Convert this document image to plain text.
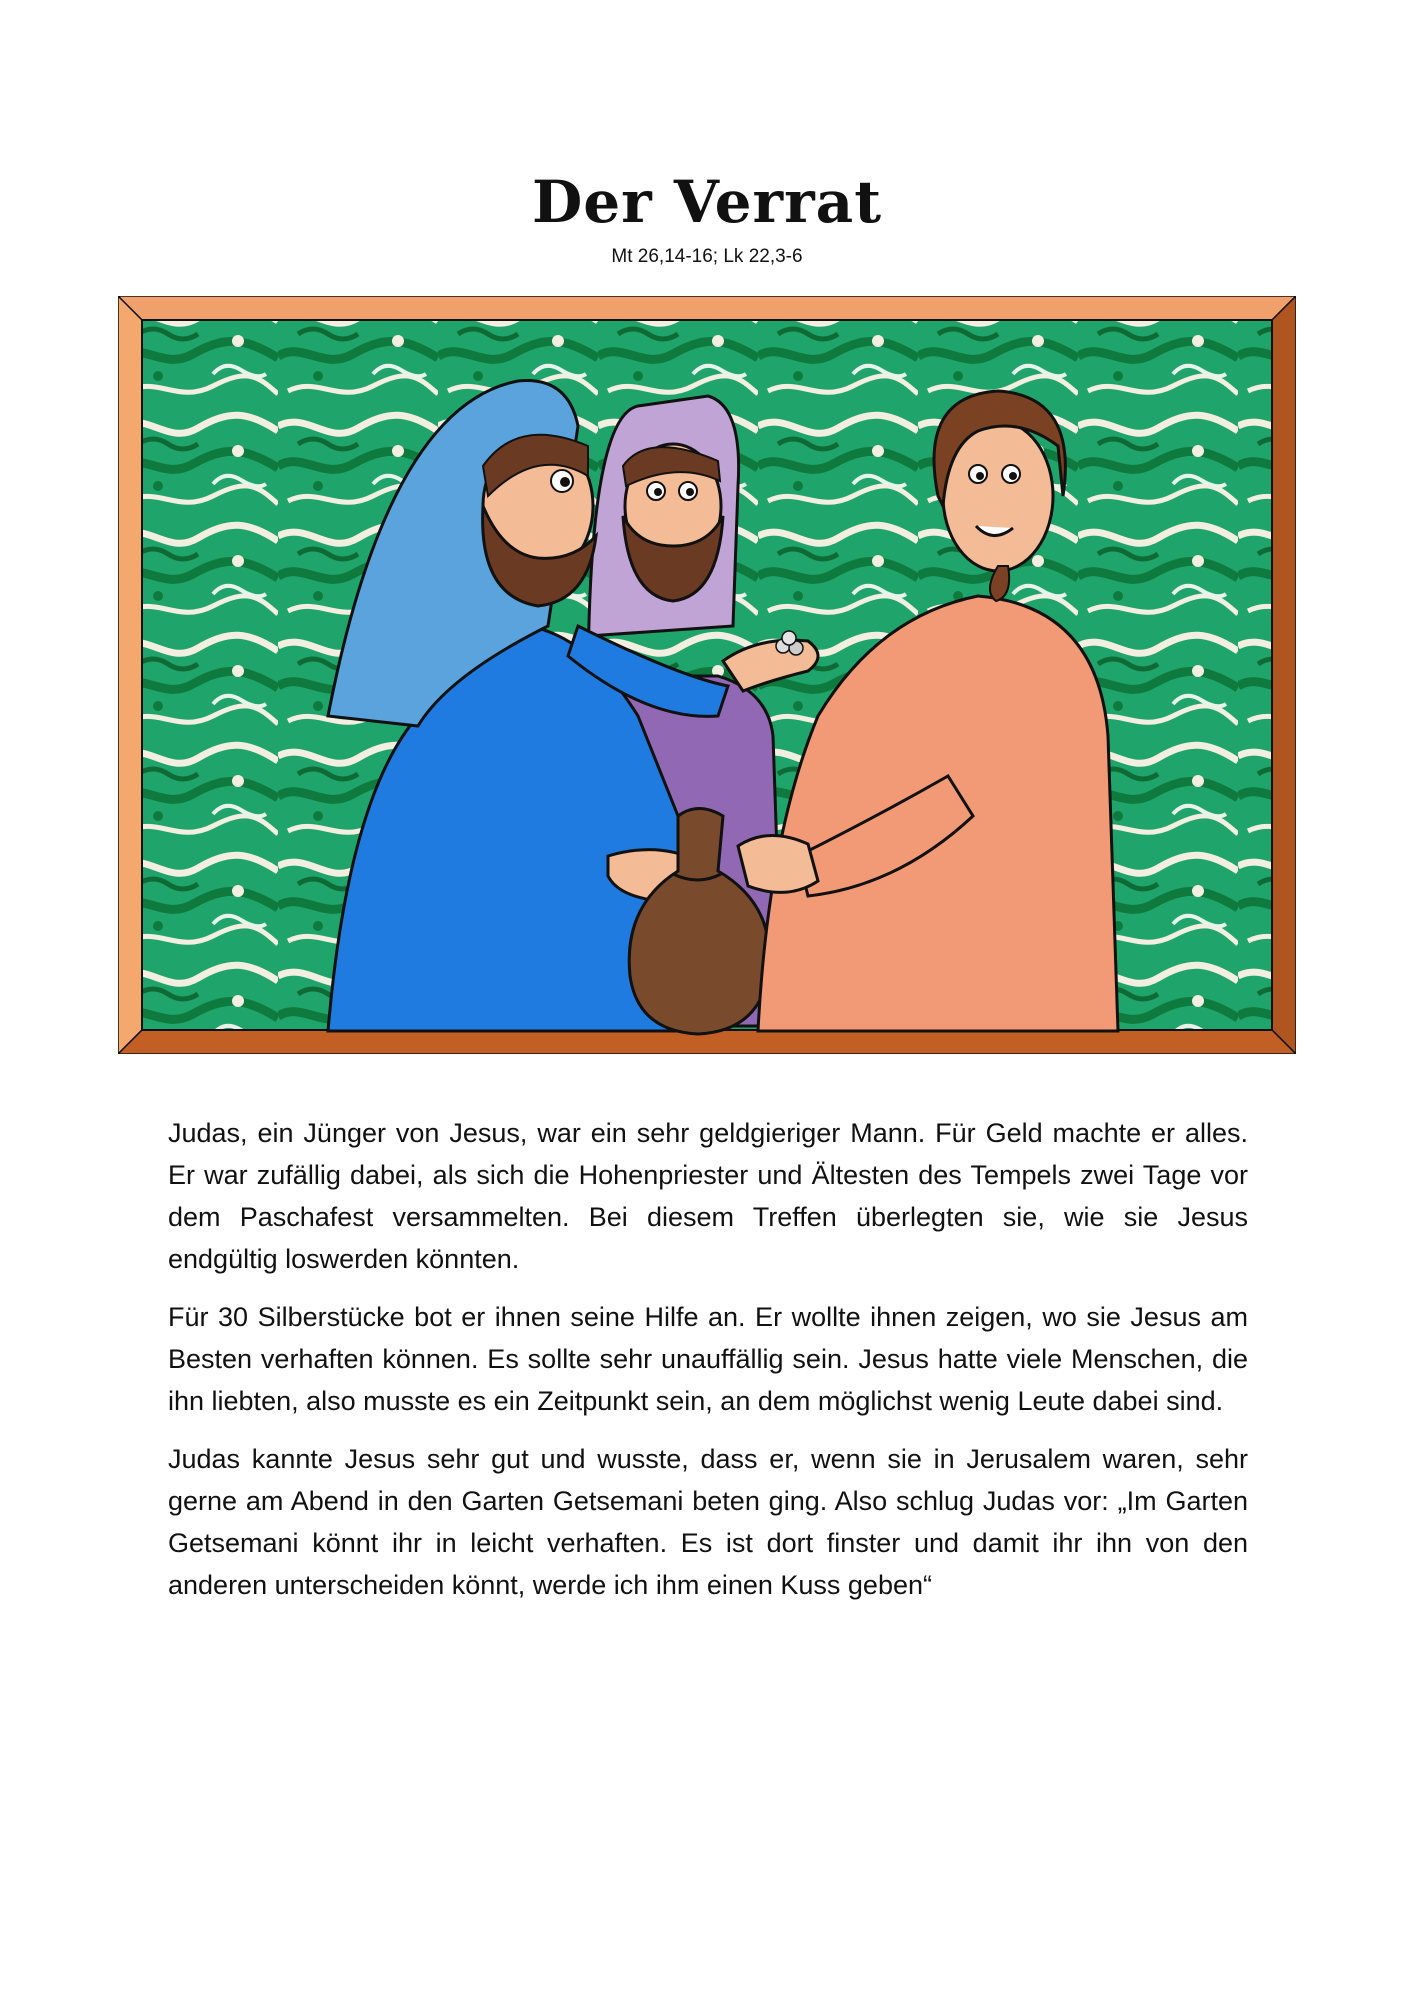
Der Verrat
Mt 26,14-16; Lk 22,3-6

Judas, ein Jünger von Jesus, war ein sehr geldgieriger Mann. Für Geld machte er alles. Er war zufällig dabei, als sich die Hohenpriester und Ältesten des Tempels zwei Tage vor dem Paschafest versammelten. Bei diesem Treffen überlegten sie, wie sie Jesus endgültig loswerden könnten.

Für 30 Silberstücke bot er ihnen seine Hilfe an. Er wollte ihnen zeigen, wo sie Jesus am Besten verhaften können. Es sollte sehr unauffällig sein. Jesus hatte viele Menschen, die ihn liebten, also musste es ein Zeitpunkt sein, an dem möglichst wenig Leute dabei sind.

Judas kannte Jesus sehr gut und wusste, dass er, wenn sie in Jerusalem waren, sehr gerne am Abend in den Garten Getsemani beten ging. Also schlug Judas vor: „Im Garten Getsemani könnt ihr in leicht verhaften. Es ist dort finster und damit ihr ihn von den anderen unterscheiden könnt, werde ich ihm einen Kuss geben“
